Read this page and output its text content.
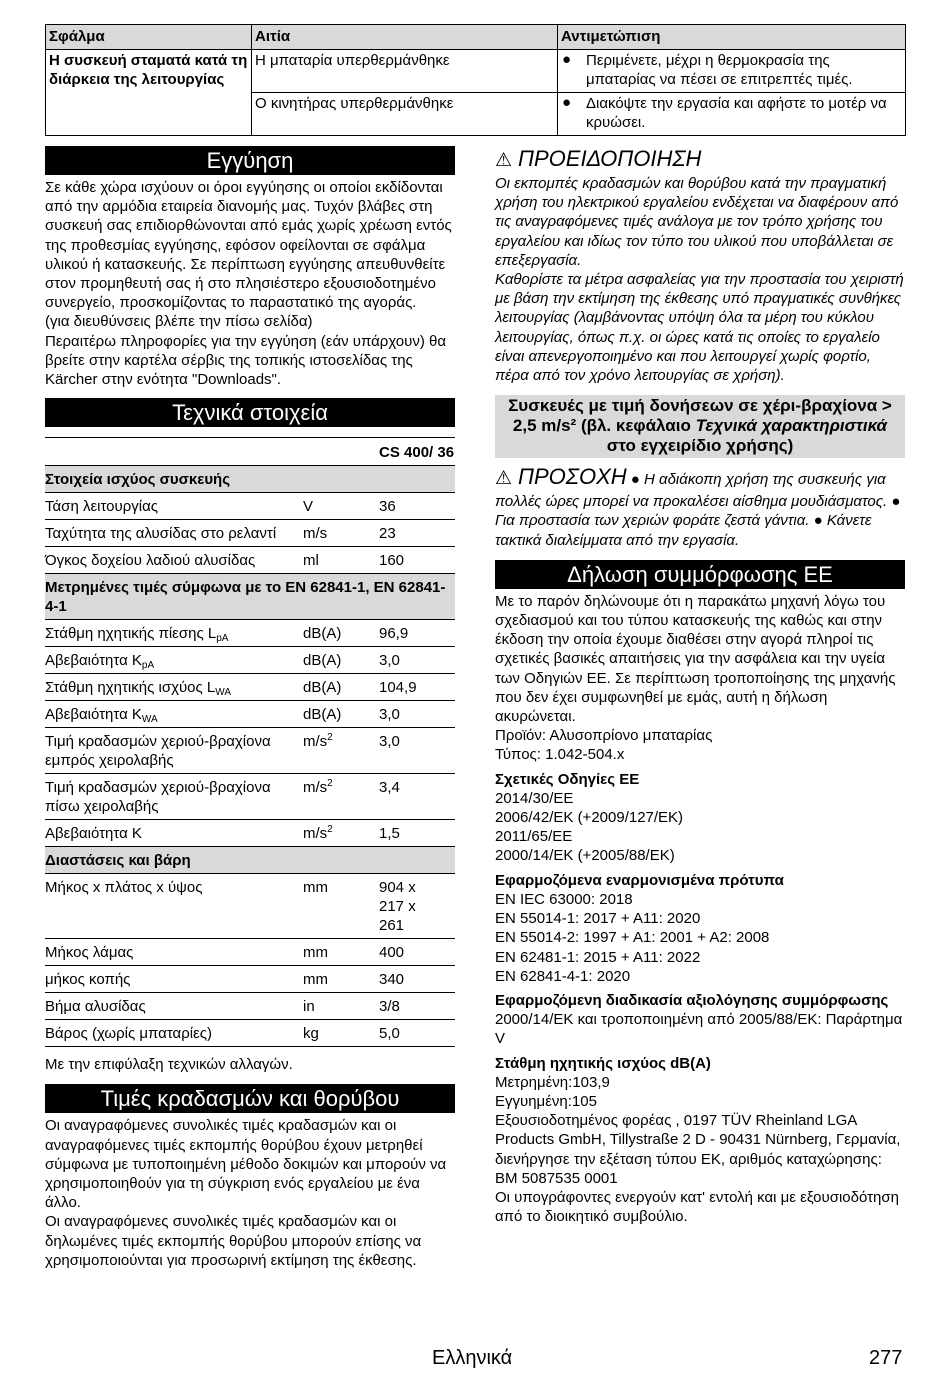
Σφάλμα	Αιτία	Αντιμετώπιση
Η συσκευή σταματά κατά τη διάρκεια της λειτουργίας	Η μπαταρία υπερθερμάνθηκε	● Περιμένετε, μέχρι η θερμοκρασία της μπαταρίας να πέσει σε επιτρεπτές τιμές.
	Ο κινητήρας υπερθερμάνθηκε	● Διακόψτε την εργασία και αφήστε το μοτέρ να κρυώσει.
Εγγύηση

Σε κάθε χώρα ισχύουν οι όροι εγγύησης οι οποίοι εκδίδονται από την αρμόδια εταιρεία διανομής μας. Τυχόν βλάβες στη συσκευή σας επιδιορθώνονται από εμάς χωρίς χρέωση εντός της προθεσμίας εγγύησης, εφόσον οφείλονται σε σφάλμα υλικού ή κατασκευής. Σε περίπτωση εγγύησης απευθυνθείτε στον προμηθευτή σας ή στο πλησιέστερο εξουσιοδοτημένο συνεργείο, προσκομίζοντας το παραστατικό της αγοράς.

(για διευθύνσεις βλέπε την πίσω σελίδα)

Περαιτέρω πληροφορίες για την εγγύηση (εάν υπάρχουν) θα βρείτε στην καρτέλα σέρβις της τοπικής ιστοσελίδας της Kärcher στην ενότητα "Downloads".

Τεχνικά στοιχεία
		CS 400/ 36
Στοιχεία ισχύος συσκευής		
Τάση λειτουργίας	V	36
Ταχύτητα της αλυσίδας στο ρελαντί	m/s	23
Όγκος δοχείου λαδιού αλυσίδας	ml	160
Μετρημένες τιμές σύμφωνα με το EN 62841-1, EN 62841-4-1		
Στάθμη ηχητικής πίεσης $L_{pA}$	dB(A)	96,9
Αβεβαιότητα $K_{pA}$	dB(A)	3,0
Στάθμη ηχητικής ισχύος $L_{WA}$	dB(A)	104,9
Αβεβαιότητα $K_{WA}$	dB(A)	3,0
Τιμή κραδασμών χεριού-βραχίονα εμπρός χειρολαβής	$m/s^2$	3,0
Τιμή κραδασμών χεριού-βραχίονα πίσω χειρολαβής	$m/s^2$	3,4
Αβεβαιότητα K	$m/s^2$	1,5
Διαστάσεις και βάρη		
Μήκος x πλάτος x ύψος	mm	904 x 217 x 261
Μήκος λάμας	mm	400
μήκος κοπής	mm	340
Βήμα αλυσίδας	in	3/8
Βάρος (χωρίς μπαταρίες)	kg	5,0

Με την επιφύλαξη τεχνικών αλλαγών.

Τιμές κραδασμών και θορύβου

Οι αναγραφόμενες συνολικές τιμές κραδασμών και οι αναγραφόμενες τιμές εκπομπής θορύβου έχουν μετρηθεί σύμφωνα με τυποποιημένη μέθοδο δοκιμών και μπορούν να χρησιμοποιηθούν για τη σύγκριση ενός εργαλείου με ένα άλλο.

Οι αναγραφόμενες συνολικές τιμές κραδασμών και οι δηλωμένες τιμές εκπομπής θορύβου μπορούν επίσης να χρησιμοποιούνται για προσωρινή εκτίμηση της έκθεσης.

⚠ ΠΡΟΕΙΔΟΠΟΙΗΣΗ

Οι εκπομπές κραδασμών και θορύβου κατά την πραγματική χρήση του ηλεκτρικού εργαλείου ενδέχεται να διαφέρουν από τις αναγραφόμενες τιμές ανάλογα με τον τρόπο χρήσης του εργαλείου και ιδίως τον τύπο του υλικού που υποβάλλεται σε επεξεργασία.

Καθορίστε τα μέτρα ασφαλείας για την προστασία του χειριστή με βάση την εκτίμηση της έκθεσης υπό πραγματικές συνθήκες λειτουργίας (λαμβάνοντας υπόψη όλα τα μέρη του κύκλου λειτουργίας, όπως π.χ. οι ώρες κατά τις οποίες το εργαλείο είναι απενεργοποιημένο και που λειτουργεί χωρίς φορτίο, πέρα από τον χρόνο λειτουργίας σε χρήση).

Συσκευές με τιμή δονήσεων σε χέρι-βραχίονα > 2,5 m/s² (βλ. κεφάλαιο Τεχνικά χαρακτηριστικά στο εγχειρίδιο χρήσης)

⚠ ΠΡΟΣΟΧΗ ● Η αδιάκοπη χρήση της συσκευής για πολλές ώρες μπορεί να προκαλέσει αίσθημα μουδιάσματος. ● Για προστασία των χεριών φοράτε ζεστά γάντια. ● Κάνετε τακτικά διαλείμματα από την εργασία.

Δήλωση συμμόρφωσης ΕΕ

Με το παρόν δηλώνουμε ότι η παρακάτω μηχανή λόγω του σχεδιασμού και του τύπου κατασκευής της καθώς και στην έκδοση την οποία έχουμε διαθέσει στην αγορά πληροί τις σχετικές βασικές απαιτήσεις για την ασφάλεια και την υγεία των Οδηγιών ΕΕ. Σε περίπτωση τροποποίησης της μηχανής που δεν έχει συμφωνηθεί με εμάς, αυτή η δήλωση ακυρώνεται.

Προϊόν: Αλυσοπρίονο μπαταρίας

Τύπος: 1.042-504.x

Σχετικές Οδηγίες ΕΕ

2014/30/ΕΕ

2006/42/ΕΚ (+2009/127/ΕΚ)

2011/65/ΕΕ

2000/14/ΕΚ (+2005/88/ΕΚ)

Εφαρμοζόμενα εναρμονισμένα πρότυπα

EN IEC 63000: 2018

EN 55014-1: 2017 + A11: 2020

EN 55014-2: 1997 + A1: 2001 + A2: 2008

EN 62481-1: 2015 + A11: 2022

EN 62841-4-1: 2020

Εφαρμοζόμενη διαδικασία αξιολόγησης συμμόρφωσης

2000/14/ΕΚ και τροποποιημένη από 2005/88/ΕΚ: Παράρτημα V

Στάθμη ηχητικής ισχύος dB(A)

Μετρημένη:103,9

Εγγυημένη:105

Εξουσιοδοτημένος φορέας , 0197 TÜV Rheinland LGA Products GmbH, Tillystraße 2 D - 90431 Nürnberg, Γερμανία, διενήργησε την εξέταση τύπου ΕΚ, αριθμός καταχώρησης: BM 5087535 0001

Οι υπογράφοντες ενεργούν κατ' εντολή και με εξουσιοδότηση από το διοικητικό συμβούλιο.

Ελληνικά	277
